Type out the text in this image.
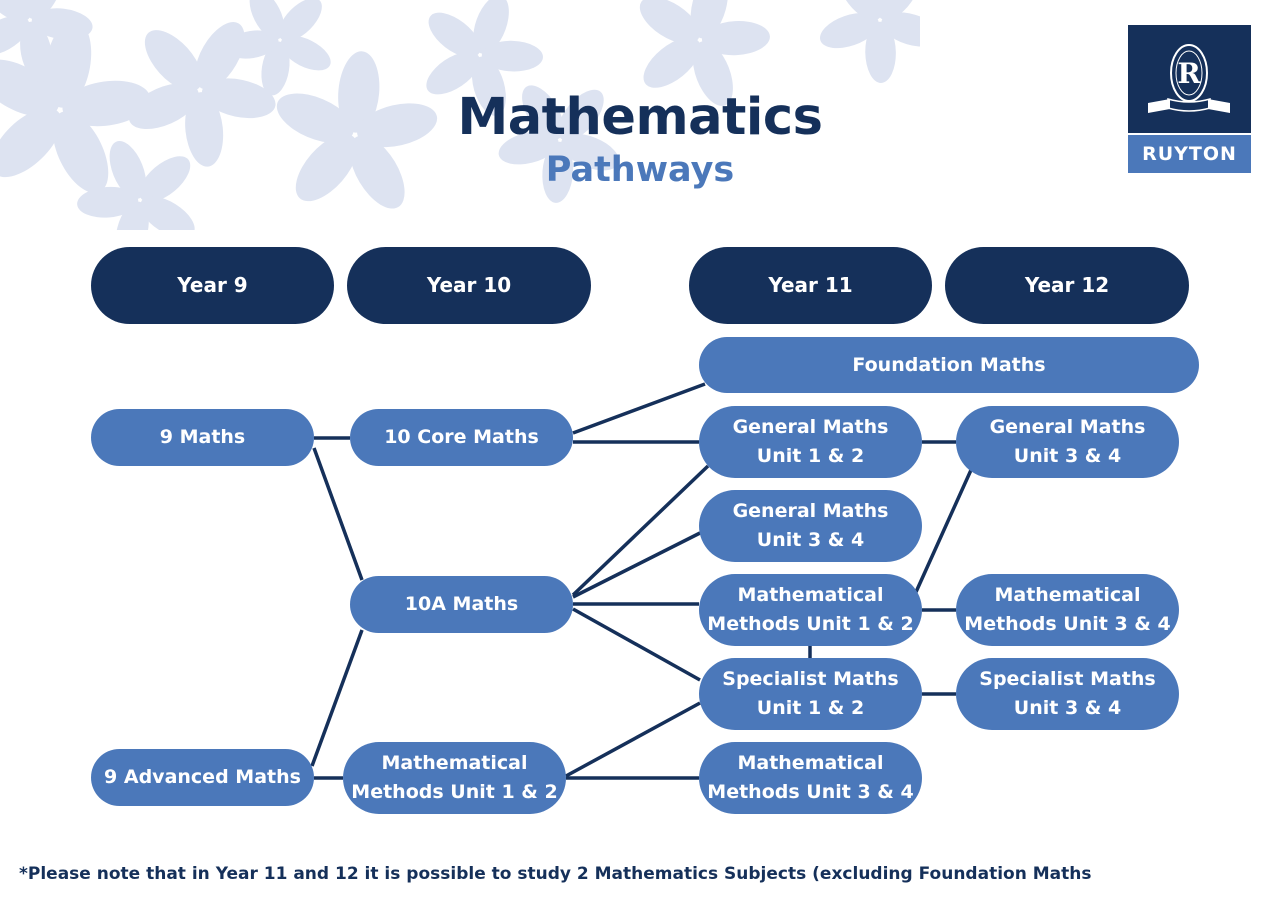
Mathematics
Pathways
R
RUYTON
Year 9	Year 10	Year 11	Year 12
Foundation Maths
9 Maths	10 Core Maths	General Maths
Unit 1 & 2
General Maths
Unit 3 & 4
General Maths
Unit 3 & 4
10A Maths	Mathematical
Methods Unit 1 & 2
Mathematical
Methods Unit 3 & 4
Specialist Maths
Unit 1 & 2
Specialist Maths
Unit 3 & 4
9 Advanced Maths
Mathematical
Methods Unit 1 & 2
Mathematical
Methods Unit 3 & 4
*Please note that in Year 11 and 12 it is possible to study 2 Mathematics Subjects (excluding Foundation Maths
